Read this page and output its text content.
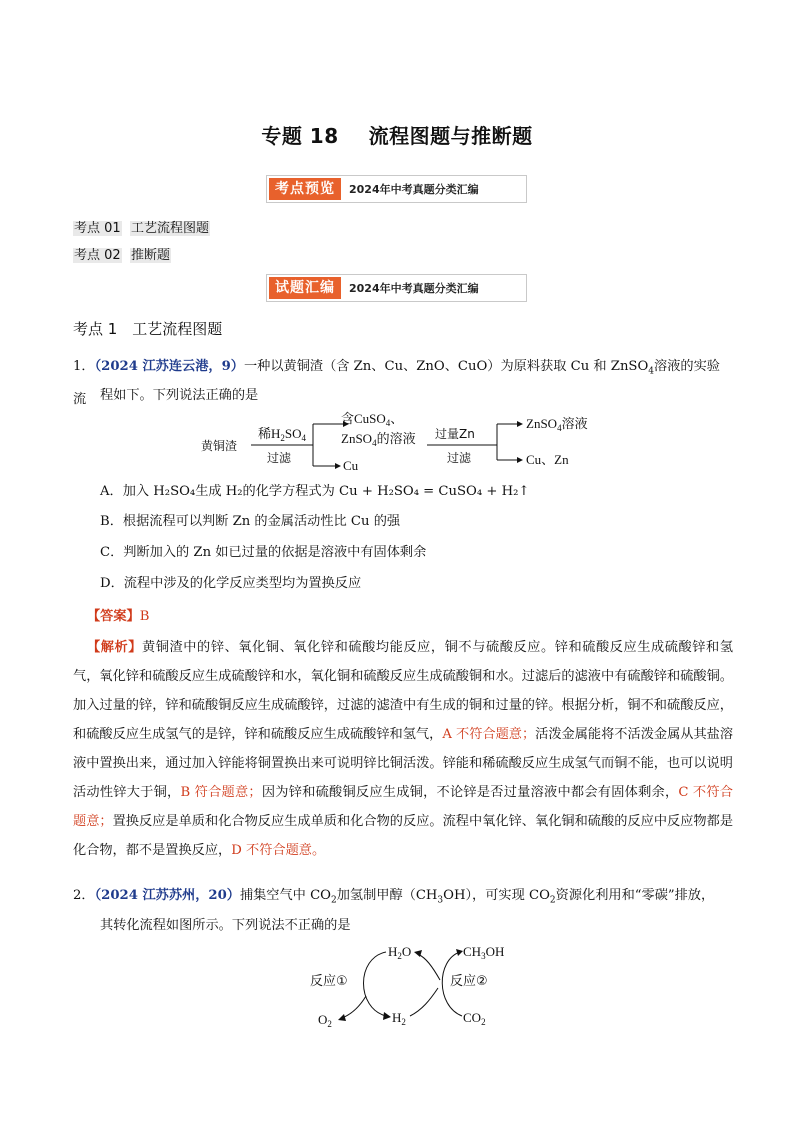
专题 18 流程图题与推断题
考点预览	2024年中考真题分类汇编
考点 01 工艺流程图题
考点 02 推断题
试题汇编	2024年中考真题分类汇编
考点 1　工艺流程图题
1．（2024 江苏连云港，9）一种以黄铜渣（含 Zn、Cu、ZnO、CuO）为原料获取 Cu 和 ZnSO$_4$溶液的实验流	程如下。下列说法正确的是
黄铜渣
稀$H_2SO_4$
过滤
含CuSO$_4$、
ZnSO$_4$的溶液
Cu
过量Zn
过滤
ZnSO$_4$溶液
Cu、Zn
A．加入 H₂SO₄生成 H₂的化学方程式为 Cu + H₂SO₄ = CuSO₄ + H₂↑
B．根据流程可以判断 Zn 的金属活动性比 Cu 的强
C．判断加入的 Zn 如已过量的依据是溶液中有固体剩余
D．流程中涉及的化学反应类型均为置换反应
【答案】B
【解析】黄铜渣中的锌、氧化铜、氧化锌和硫酸均能反应，铜不与硫酸反应。锌和硫酸反应生成硫酸锌和氢气，氧化锌和硫酸反应生成硫酸锌和水，氧化铜和硫酸反应生成硫酸铜和水。过滤后的滤液中有硫酸锌和硫酸铜。加入过量的锌，锌和硫酸铜反应生成硫酸锌，过滤的滤渣中有生成的铜和过量的锌。根据分析，铜不和硫酸反应，和硫酸反应生成氢气的是锌，锌和硫酸反应生成硫酸锌和氢气，A 不符合题意；活泼金属能将不活泼金属从其盐溶液中置换出来，通过加入锌能将铜置换出来可说明锌比铜活泼。锌能和稀硫酸反应生成氢气而铜不能，也可以说明活动性锌大于铜，B 符合题意；因为锌和硫酸铜反应生成铜，不论锌是否过量溶液中都会有固体剩余，C 不符合题意；置换反应是单质和化合物反应生成单质和化合物的反应。流程中氧化锌、氧化铜和硫酸的反应中反应物都是化合物，都不是置换反应，D 不符合题意。
2．（2024 江苏苏州，20）捕集空气中 $CO_2$加氢制甲醇$(CH_3OH)$，可实现 $CO_2$资源化利用和“零碳”排放，
其转化流程如图所示。下列说法不正确的是
反应①	反应②
$H_2O$	$CH_3OH$
$O_2$	$H_2$	$CO_2$
